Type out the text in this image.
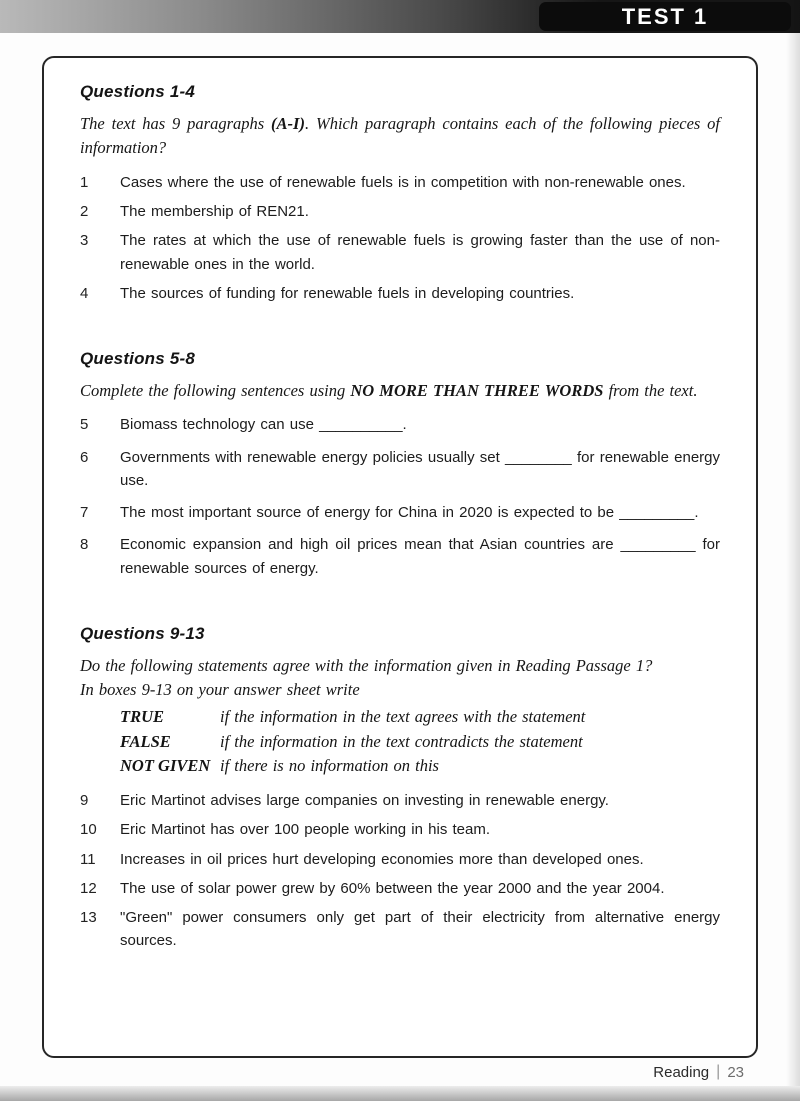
TEST 1
Questions 1-4

The text has 9 paragraphs (A-I). Which paragraph contains each of the following pieces of information?

1	Cases where the use of renewable fuels is in competition with non-renewable ones.
2	The membership of REN21.
3	The rates at which the use of renewable fuels is growing faster than the use of non-renewable ones in the world.
4	The sources of funding for renewable fuels in developing countries.
Questions 5-8

Complete the following sentences using NO MORE THAN THREE WORDS from the text.

5	Biomass technology can use __________.
6	Governments with renewable energy policies usually set ________ for renewable energy use.
7	The most important source of energy for China in 2020 is expected to be _________.
8	Economic expansion and high oil prices mean that Asian countries are _________ for renewable sources of energy.
Questions 9-13

Do the following statements agree with the information given in Reading Passage 1?

In boxes 9-13 on your answer sheet write

TRUE	if the information in the text agrees with the statement
FALSE	if the information in the text contradicts the statement
NOT GIVEN if there is no information on this
9	Eric Martinot advises large companies on investing in renewable energy.
10	Eric Martinot has over 100 people working in his team.
11	Increases in oil prices hurt developing economies more than developed ones.
12	The use of solar power grew by 60% between the year 2000 and the year 2004.
13	"Green" power consumers only get part of their electricity from alternative energy sources.
Reading | 23
